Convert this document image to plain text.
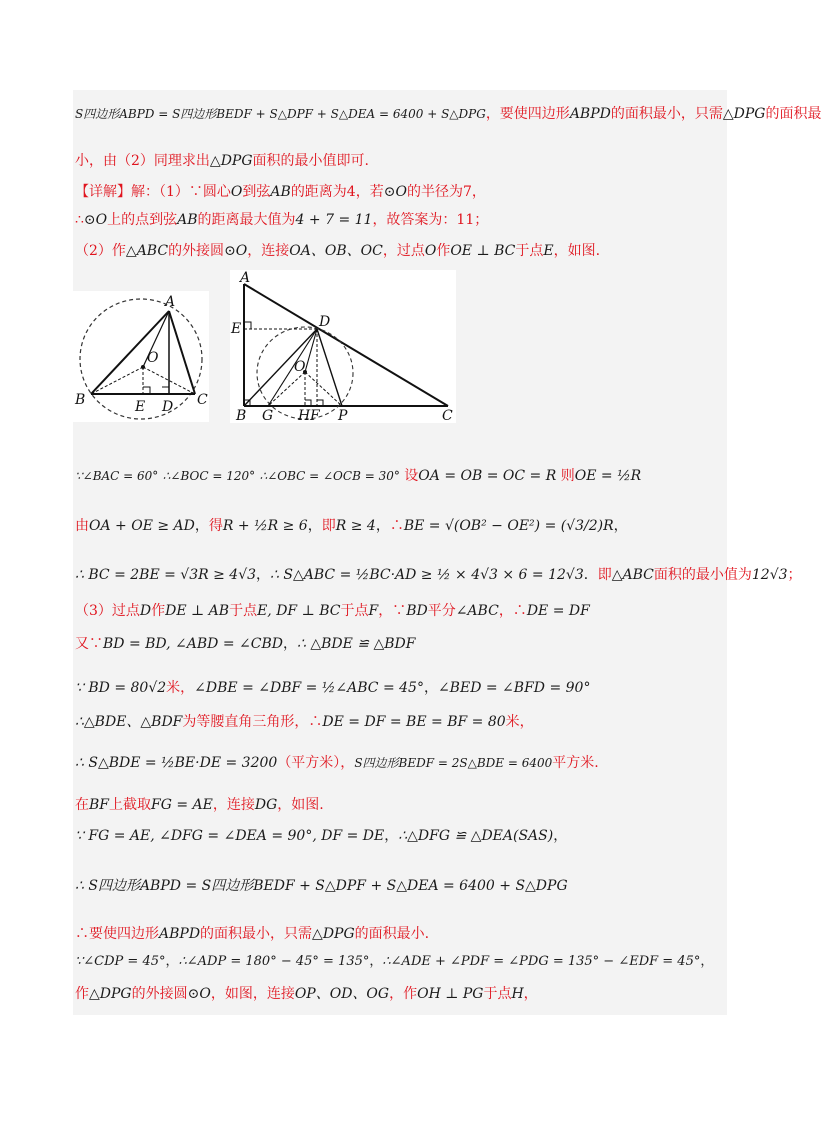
S四边形ABPD = S四边形BEDF + S△DPF + S△DEA = 6400 + S△DPG，要使四边形ABPD的面积最小，只需△DPG的面积最
小，由（2）同理求出△DPG面积的最小值即可.
【详解】解：（1）∵圆心O到弦AB的距离为4，若⊙O的半径为7，
∴⊙O上的点到弦AB的距离最大值为4 + 7 = 11，故答案为：11；
（2）作△ABC的外接圆⊙O，连接OA、OB、OC，过点O作OE ⊥ BC于点E，如图.
A
O
B	E D C
A
E	D
O
B G H F P	C
∵∠BAC = 60° ∴∠BOC = 120° ∴∠OBC = ∠OCB = 30° 设OA = OB = OC = R 则OE = ½R
由OA + OE ≥ AD，得R + ½R ≥ 6，即R ≥ 4，∴BE = √(OB² − OE²) = (√3/2)R，
∴ BC = 2BE = √3R ≥ 4√3，∴ S△ABC = ½BC·AD ≥ ½ × 4√3 × 6 = 12√3．即△ABC面积的最小值为12√3；
（3）过点D作DE ⊥ AB于点E, DF ⊥ BC于点F，∵BD平分∠ABC，∴DE = DF
又∵BD = BD, ∠ABD = ∠CBD，∴ △BDE ≌ △BDF
∵ BD = 80√2米，∠DBE = ∠DBF = ½∠ABC = 45°，∠BED = ∠BFD = 90°
∴△BDE、△BDF为等腰直角三角形，∴DE = DF = BE = BF = 80米，
∴ S△BDE = ½BE·DE = 3200（平方米），S四边形BEDF = 2S△BDE = 6400平方米.
在BF上截取FG = AE，连接DG，如图.
∵ FG = AE, ∠DFG = ∠DEA = 90°, DF = DE，∴△DFG ≌ △DEA(SAS)，
∴ S四边形ABPD = S四边形BEDF + S△DPF + S△DEA = 6400 + S△DPG
∴要使四边形ABPD的面积最小，只需△DPG的面积最小.
∵∠CDP = 45°，∴∠ADP = 180° − 45° = 135°，∴∠ADE + ∠PDF = ∠PDG = 135° − ∠EDF = 45°，
作△DPG的外接圆⊙O，如图，连接OP、OD、OG，作OH ⊥ PG于点H，
